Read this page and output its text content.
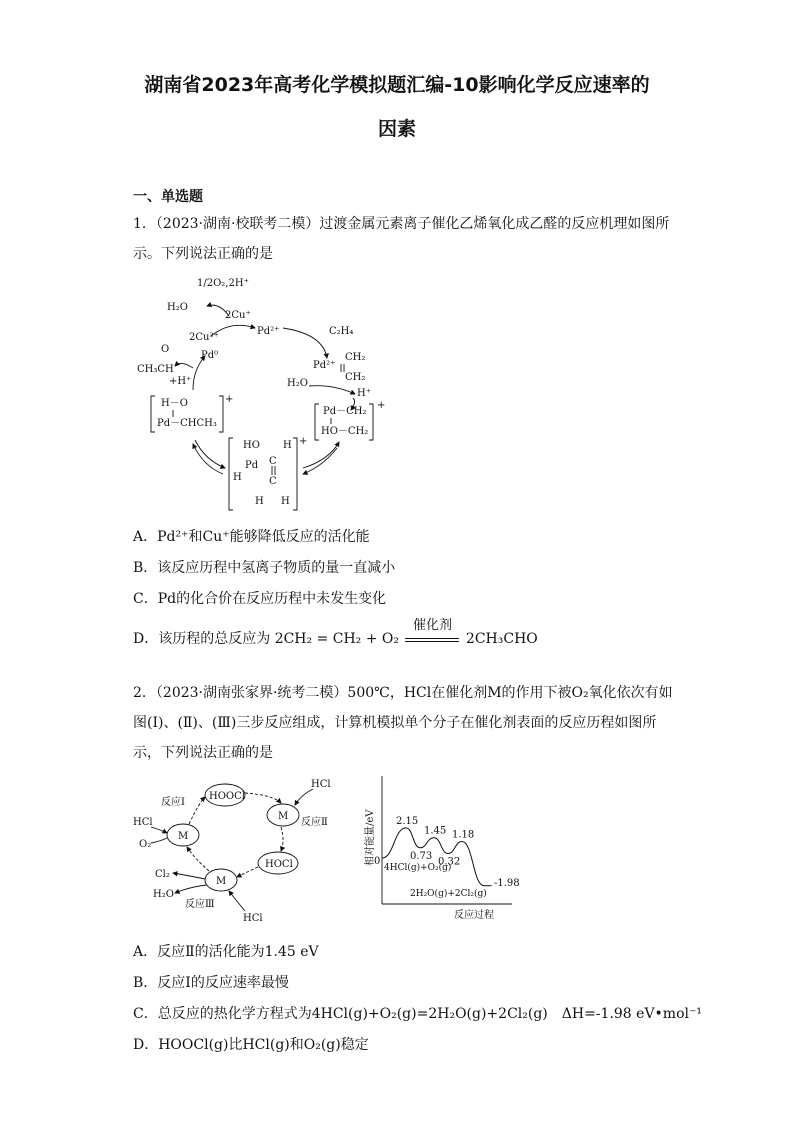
湖南省2023年高考化学模拟题汇编-10影响化学反应速率的
因素
一、单选题
1．（2023·湖南·校联考二模）过渡金属元素离子催化乙烯氧化成乙醛的反应机理如图所
示。下列说法正确的是
1/2O₂,2H⁺
H₂O
2Cu⁺
2Cu²⁺
Pd²⁺	C₂H₄
Pd⁰
O
CH₃CH
+H⁺
Pd²⁺
CH₂
CH₂
H₂O
H⁺
H－O
Pd－CHCH₃
+
Pd－CH₂
HO－CH₂
+
HO H
Pd C
H	C
H H
+
A．Pd²⁺和Cu⁺能够降低反应的活化能
B．该反应历程中氢离子物质的量一直减小
C．Pd的化合价在反应历程中未发生变化
D．该历程的总反应为 2CH₂ = CH₂ + O₂
催化剂
2CH₃CHO
2．（2023·湖南张家界·统考二模）500℃，HCl在催化剂M的作用下被O₂氧化依次有如
图(Ⅰ)、(Ⅱ)、(Ⅲ)三步反应组成，计算机模拟单个分子在催化剂表面的反应历程如图所
示，下列说法正确的是
HOOCl
反应Ⅰ
HCl
M
反应Ⅱ
HCl
O₂
M
HOCl
Cl₂
H₂O
M
反应Ⅲ
HCl
2.15
0.73
1.45
0.32
1.18
相对能量/eV
反应过程
4HCl(g)+O₂(g)
2H₂O(g)+2Cl₂(g)
0
-1.98
A．反应Ⅱ的活化能为1.45 eV
B．反应Ⅰ的反应速率最慢
C．总反应的热化学方程式为4HCl(g)+O₂(g)=2H₂O(g)+2Cl₂(g)　ΔH=-1.98 eV•mol⁻¹
D．HOOCl(g)比HCl(g)和O₂(g)稳定
